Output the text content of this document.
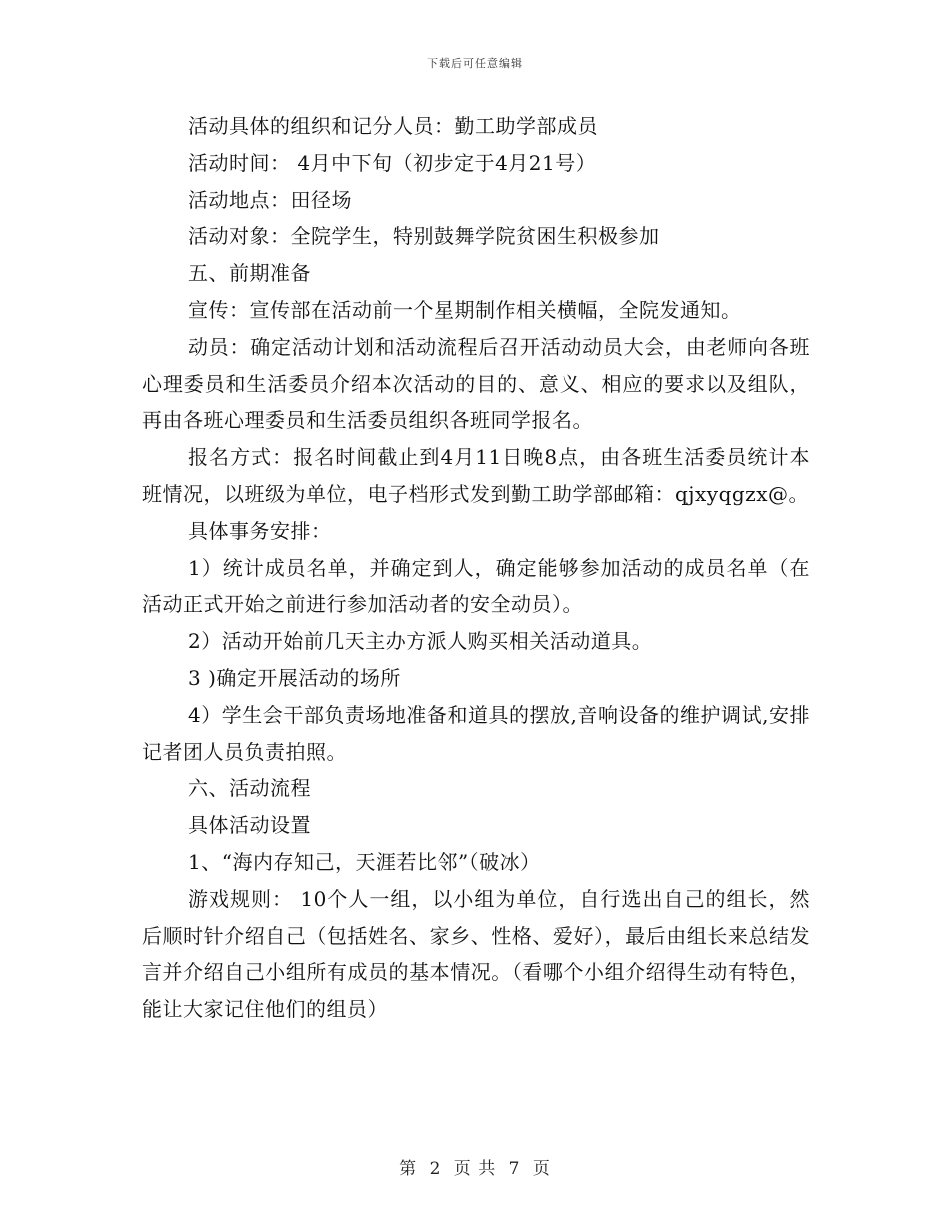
下载后可任意编辑

活动具体的组织和记分人员：勤工助学部成员

活动时间： 4月中下旬（初步定于4月21号）

活动地点：田径场

活动对象：全院学生，特别鼓舞学院贫困生积极参加

五、前期准备

宣传：宣传部在活动前一个星期制作相关横幅，全院发通知。

动员：确定活动计划和活动流程后召开活动动员大会，由老师向各班心理委员和生活委员介绍本次活动的目的、意义、相应的要求以及组队，再由各班心理委员和生活委员组织各班同学报名。

报名方式：报名时间截止到4月11日晚8点，由各班生活委员统计本班情况，以班级为单位，电子档形式发到勤工助学部邮箱：qjxyqgzx@。

具体事务安排：

1）统计成员名单，并确定到人，确定能够参加活动的成员名单（在活动正式开始之前进行参加活动者的安全动员）。

2）活动开始前几天主办方派人购买相关活动道具。

3 )确定开展活动的场所

4）学生会干部负责场地准备和道具的摆放,音响设备的维护调试,安排记者团人员负责拍照。

六、活动流程

具体活动设置

1、“海内存知己，天涯若比邻”（破冰）

游戏规则： 10个人一组，以小组为单位，自行选出自己的组长，然后顺时针介绍自己（包括姓名、家乡、性格、爱好），最后由组长来总结发言并介绍自己小组所有成员的基本情况。（看哪个小组介绍得生动有特色，能让大家记住他们的组员）

第 2 页 共 7 页
